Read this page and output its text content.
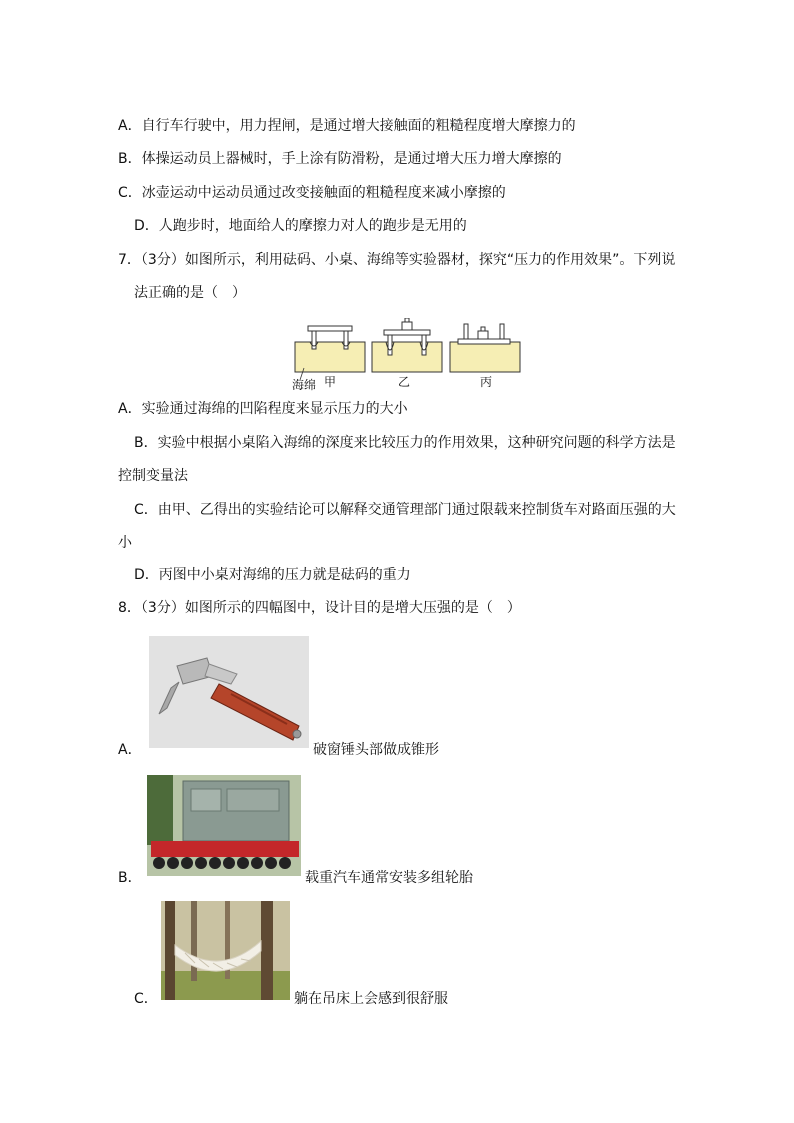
A．自行车行驶中，用力捏闸，是通过增大接触面的粗糙程度增大摩擦力的
B．体操运动员上器械时，手上涂有防滑粉，是通过增大压力增大摩擦的
C．冰壶运动中运动员通过改变接触面的粗糙程度来减小摩擦的
D．人跑步时，地面给人的摩擦力对人的跑步是无用的
7．（3分）如图所示，利用砝码、小桌、海绵等实验器材，探究“压力的作用效果”。下列说
法正确的是（　）
海绵 甲	乙	丙
A．实验通过海绵的凹陷程度来显示压力的大小
B．实验中根据小桌陷入海绵的深度来比较压力的作用效果，这种研究问题的科学方法是
控制变量法
C．由甲、乙得出的实验结论可以解释交通管理部门通过限载来控制货车对路面压强的大
小
D．丙图中小桌对海绵的压力就是砝码的重力
8．（3分）如图所示的四幅图中，设计目的是增大压强的是（　）
A．	破窗锤头部做成锥形
B．	载重汽车通常安装多组轮胎
C．	躺在吊床上会感到很舒服
